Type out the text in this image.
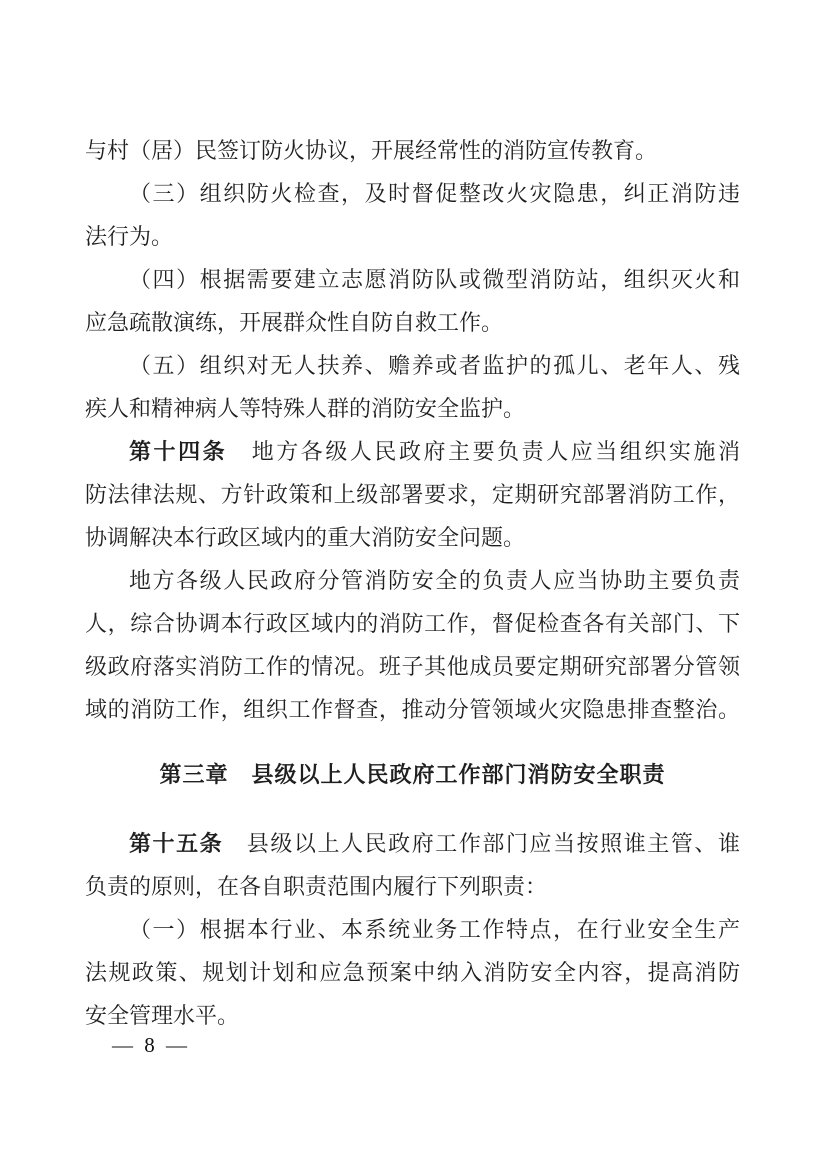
与村（居）民签订防火协议，开展经常性的消防宣传教育。
（三）组织防火检查，及时督促整改火灾隐患，纠正消防违
法行为。
（四）根据需要建立志愿消防队或微型消防站，组织灭火和
应急疏散演练，开展群众性自防自救工作。
（五）组织对无人扶养、赡养或者监护的孤儿、老年人、残
疾人和精神病人等特殊人群的消防安全监护。
第十四条　地方各级人民政府主要负责人应当组织实施消
防法律法规、方针政策和上级部署要求，定期研究部署消防工作，
协调解决本行政区域内的重大消防安全问题。
地方各级人民政府分管消防安全的负责人应当协助主要负责
人，综合协调本行政区域内的消防工作，督促检查各有关部门、下
级政府落实消防工作的情况。班子其他成员要定期研究部署分管领
域的消防工作，组织工作督查，推动分管领域火灾隐患排查整治。
第三章　县级以上人民政府工作部门消防安全职责
第十五条　县级以上人民政府工作部门应当按照谁主管、谁
负责的原则，在各自职责范围内履行下列职责：
（一）根据本行业、本系统业务工作特点，在行业安全生产
法规政策、规划计划和应急预案中纳入消防安全内容，提高消防
安全管理水平。
— 8 —
